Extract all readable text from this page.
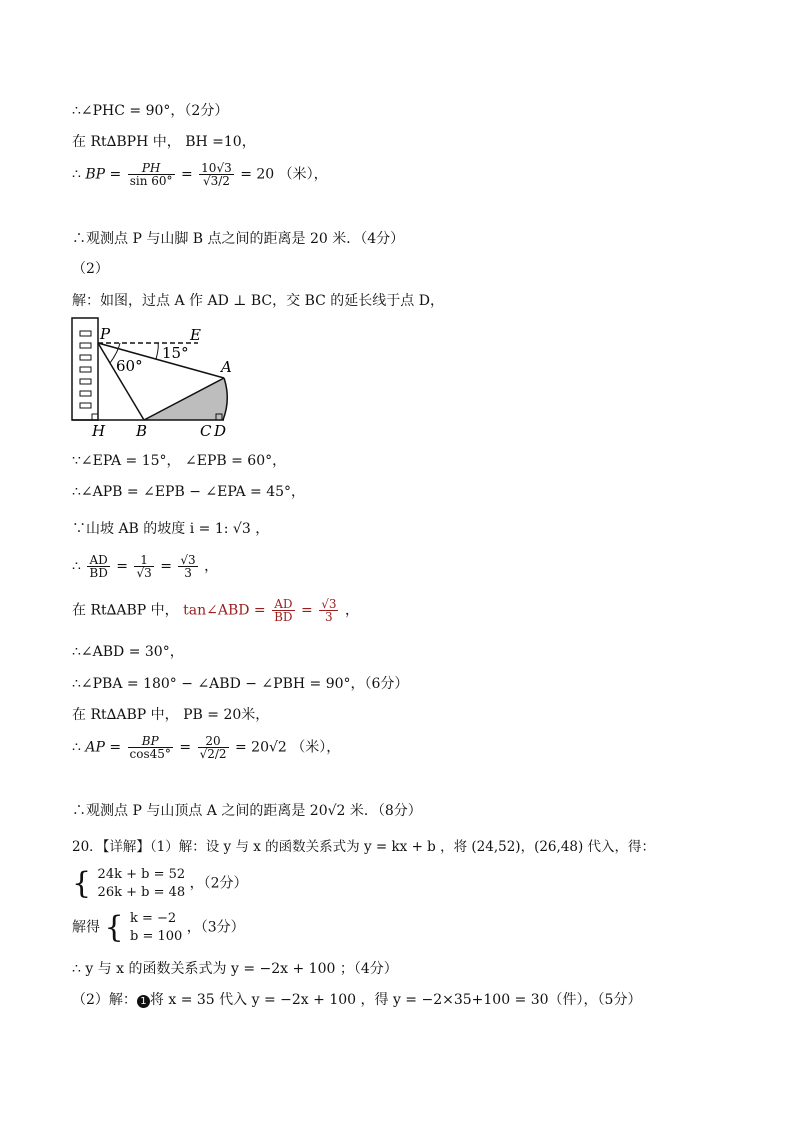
∴∠PHC = 90°，（2分）
在 Rt∆BPH 中， BH =10，
∴ BP = $\frac{PH}{\sin 60^\circ} = \frac{10√3}{√3/2} = 20$ （米），
∴观测点 P 与山脚 B 点之间的距离是 20 米．（4分）
（2）
解：如图，过点 A 作 AD ⊥ BC，交 BC 的延长线于点 D，
P	E
15°
60°	A
H B	C D
∵∠EPA = 15°， ∠EPB = 60°，
∴∠APB = ∠EPB − ∠EPA = 45°，
∵山坡 AB 的坡度 i = 1: √3 ，
∴ $\frac{AD}{BD} = \frac{1}{√3} = \frac{√3}{3}$ ，
在 Rt∆ABP 中， tan∠ABD = $\frac{AD}{BD} = \frac{√3}{3}$ ，
∴∠ABD = 30°，
∴∠PBA = 180° − ∠ABD − ∠PBH = 90°，（6分）
在 Rt∆ABP 中， PB = 20米，
∴ AP = $\frac{BP}{\cos 45^\circ} = \frac{20}{√2/2} = 20√2$ （米），
∴观测点 P 与山顶点 A 之间的距离是 20√2 米．（8分）
20．【详解】（1）解：设 y 与 x 的函数关系式为 y = kx + b ，将 (24,52)，(26,48) 代入，得：
{ 24k + b = 52
26k + b = 48
，（2分）
解得 { k = −2
b = 100
，（3分）
∴ y 与 x 的函数关系式为 y = −2x + 100 ；（4分）
（2）解： 1 将 x = 35 代入 y = −2x + 100 ，得 y = −2×35+100 = 30（件），（5分）
